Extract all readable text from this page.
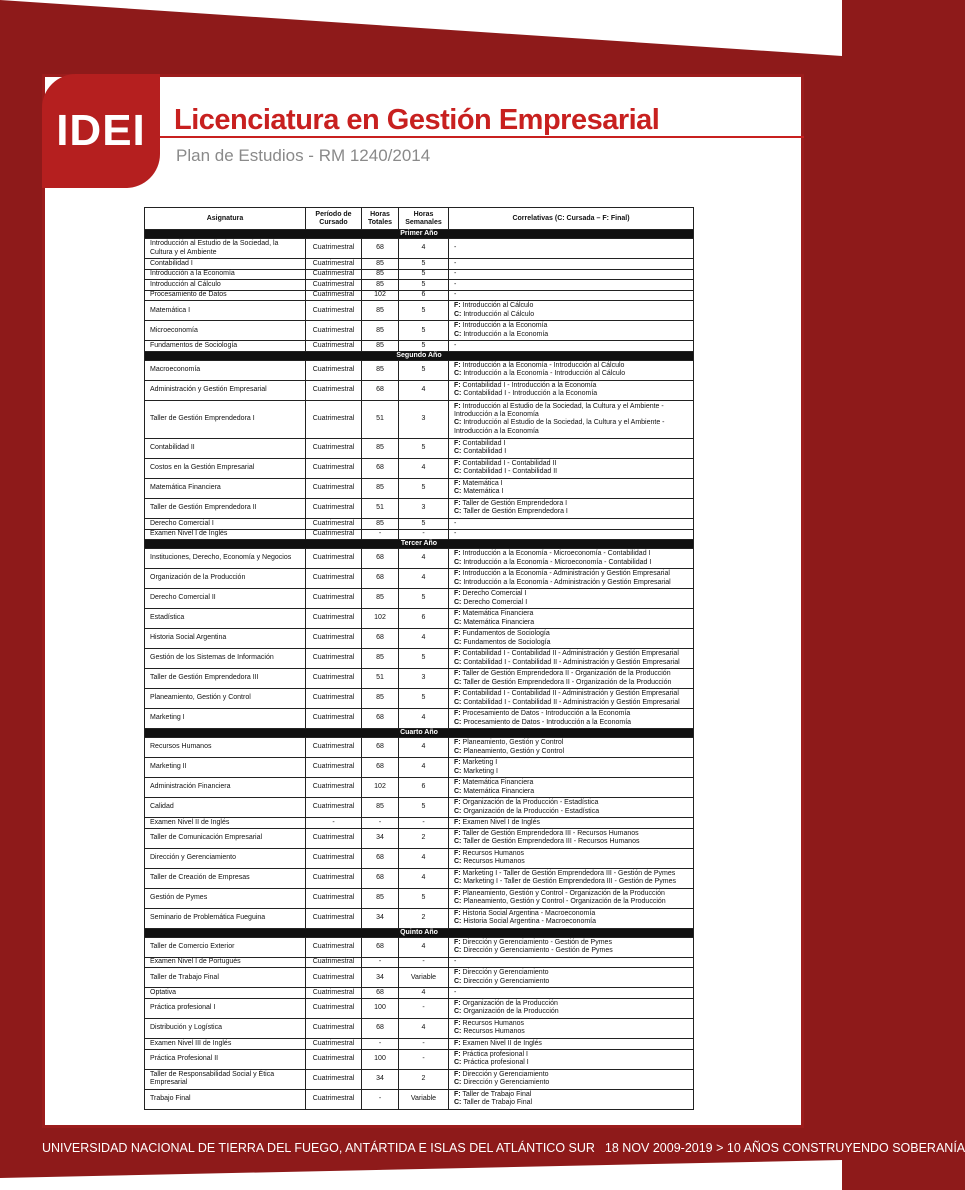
IDEI Licenciatura en Gestión Empresarial
Plan de Estudios - RM 1240/2014
Asignatura	Período de Cursado	Horas Totales	Horas Semanales	Correlativas (C: Cursada – F: Final)
Primer Año				
Introducción al Estudio de la Sociedad, la Cultura y el Ambiente	Cuatrimestral	68	4	-

Contabilidad I	Cuatrimestral	85	5	-

Introducción a la Economía	Cuatrimestral	85	5	-

Introducción al Cálculo	Cuatrimestral	85	5	-

Procesamiento de Datos	Cuatrimestral	102	6	-

Matemática I	Cuatrimestral	85	5	F: Introducción al Cálculo
C: Introducción al Cálculo

Microeconomía	Cuatrimestral	85	5	F: Introducción a la Economía
C: Introducción a la Economía

Fundamentos de Sociología	Cuatrimestral	85	5	-

Segundo Año				
Macroeconomía	Cuatrimestral	85	5	F: Introducción a la Economía - Introducción al Cálculo
C: Introducción a la Economía - Introducción al Cálculo

Administración y Gestión Empresarial	Cuatrimestral	68	4	F: Contabilidad I - Introducción a la Economía
C: Contabilidad I - Introducción a la Economía

Taller de Gestión Emprendedora I	Cuatrimestral	51	3	F: Introducción al Estudio de la Sociedad, la Cultura y el Ambiente -
Introducción a la Economía
C: Introducción al Estudio de la Sociedad, la Cultura y el Ambiente -
Introducción a la Economía

Contabilidad II	Cuatrimestral	85	5	F: Contabilidad I
C: Contabilidad I

Costos en la Gestión Empresarial	Cuatrimestral	68	4	F: Contabilidad I - Contabilidad II
C: Contabilidad I - Contabilidad II

Matemática Financiera	Cuatrimestral	85	5	F: Matemática I
C: Matemática I

Taller de Gestión Emprendedora II	Cuatrimestral	51	3	F: Taller de Gestión Emprendedora I
C: Taller de Gestión Emprendedora I

Derecho Comercial I	Cuatrimestral	85	5	-

Examen Nivel I de Inglés	Cuatrimestral	-	-	-

Tercer Año				
Instituciones, Derecho, Economía y Negocios	Cuatrimestral	68	4	F: Introducción a la Economía - Microeconomía - Contabilidad I
C: Introducción a la Economía - Microeconomía - Contabilidad I

Organización de la Producción	Cuatrimestral	68	4	F: Introducción a la Economía - Administración y Gestión Empresarial
C: Introducción a la Economía - Administración y Gestión Empresarial

Derecho Comercial II	Cuatrimestral	85	5	F: Derecho Comercial I
C: Derecho Comercial I

Estadística	Cuatrimestral	102	6	F: Matemática Financiera
C: Matemática Financiera

Historia Social Argentina	Cuatrimestral	68	4	F: Fundamentos de Sociología
C: Fundamentos de Sociología

Gestión de los Sistemas de Información	Cuatrimestral	85	5	F: Contabilidad I - Contabilidad II - Administración y Gestión Empresarial
C: Contabilidad I - Contabilidad II - Administración y Gestión Empresarial

Taller de Gestión Emprendedora III	Cuatrimestral	51	3	F: Taller de Gestión Emprendedora II - Organización de la Producción
C: Taller de Gestión Emprendedora II - Organización de la Producción

Planeamiento, Gestión y Control	Cuatrimestral	85	5	F: Contabilidad I - Contabilidad II - Administración y Gestión Empresarial
C: Contabilidad I - Contabilidad II - Administración y Gestión Empresarial

Marketing I	Cuatrimestral	68	4	F: Procesamiento de Datos - Introducción a la Economía
C: Procesamiento de Datos - Introducción a la Economía

Cuarto Año				
Recursos Humanos	Cuatrimestral	68	4	F: Planeamiento, Gestión y Control
C: Planeamiento, Gestión y Control

Marketing II	Cuatrimestral	68	4	F: Marketing I
C: Marketing I

Administración Financiera	Cuatrimestral	102	6	F: Matemática Financiera
C: Matemática Financiera

Calidad	Cuatrimestral	85	5	F: Organización de la Producción - Estadística
C: Organización de la Producción - Estadística

Examen Nivel II de Inglés	-	-	-	F: Examen Nivel I de Inglés

Taller de Comunicación Empresarial	Cuatrimestral	34	2	F: Taller de Gestión Emprendedora III - Recursos Humanos
C: Taller de Gestión Emprendedora III - Recursos Humanos

Dirección y Gerenciamiento	Cuatrimestral	68	4	F: Recursos Humanos
C: Recursos Humanos

Taller de Creación de Empresas	Cuatrimestral	68	4	F: Marketing I - Taller de Gestión Emprendedora III - Gestión de Pymes
C: Marketing I - Taller de Gestión Emprendedora III - Gestión de Pymes

Gestión de Pymes	Cuatrimestral	85	5	F: Planeamiento, Gestión y Control - Organización de la Producción
C: Planeamiento, Gestión y Control - Organización de la Producción

Seminario de Problemática Fueguina	Cuatrimestral	34	2	F: Historia Social Argentina - Macroeconomía
C: Historia Social Argentina - Macroeconomía

Quinto Año				
Taller de Comercio Exterior	Cuatrimestral	68	4	F: Dirección y Gerenciamiento - Gestión de Pymes
C: Dirección y Gerenciamiento - Gestión de Pymes

Examen Nivel I de Portugués	Cuatrimestral	-	-	-

Taller de Trabajo Final	Cuatrimestral	34	Variable	F: Dirección y Gerenciamiento
C: Dirección y Gerenciamiento

Optativa	Cuatrimestral	68	4	-

Práctica profesional I	Cuatrimestral	100	-	F: Organización de la Producción
C: Organización de la Producción

Distribución y Logística	Cuatrimestral	68	4	F: Recursos Humanos
C: Recursos Humanos

Examen Nivel III de Inglés	Cuatrimestral	-	-	F: Examen Nivel II de Inglés

Práctica Profesional II	Cuatrimestral	100	-	F: Práctica profesional I
C: Práctica profesional I

Taller de Responsabilidad Social y Ética Empresarial	Cuatrimestral	34	2	F: Dirección y Gerenciamiento
C: Dirección y Gerenciamiento

Trabajo Final	Cuatrimestral	-	Variable	F: Taller de Trabajo Final
C: Taller de Trabajo Final
UNIVERSIDAD NACIONAL DE TIERRA DEL FUEGO, ANTÁRTIDA E ISLAS DEL ATLÁNTICO SUR 18 NOV 2009-2019 > 10 AÑOS CONSTRUYENDO SOBERANÍA
